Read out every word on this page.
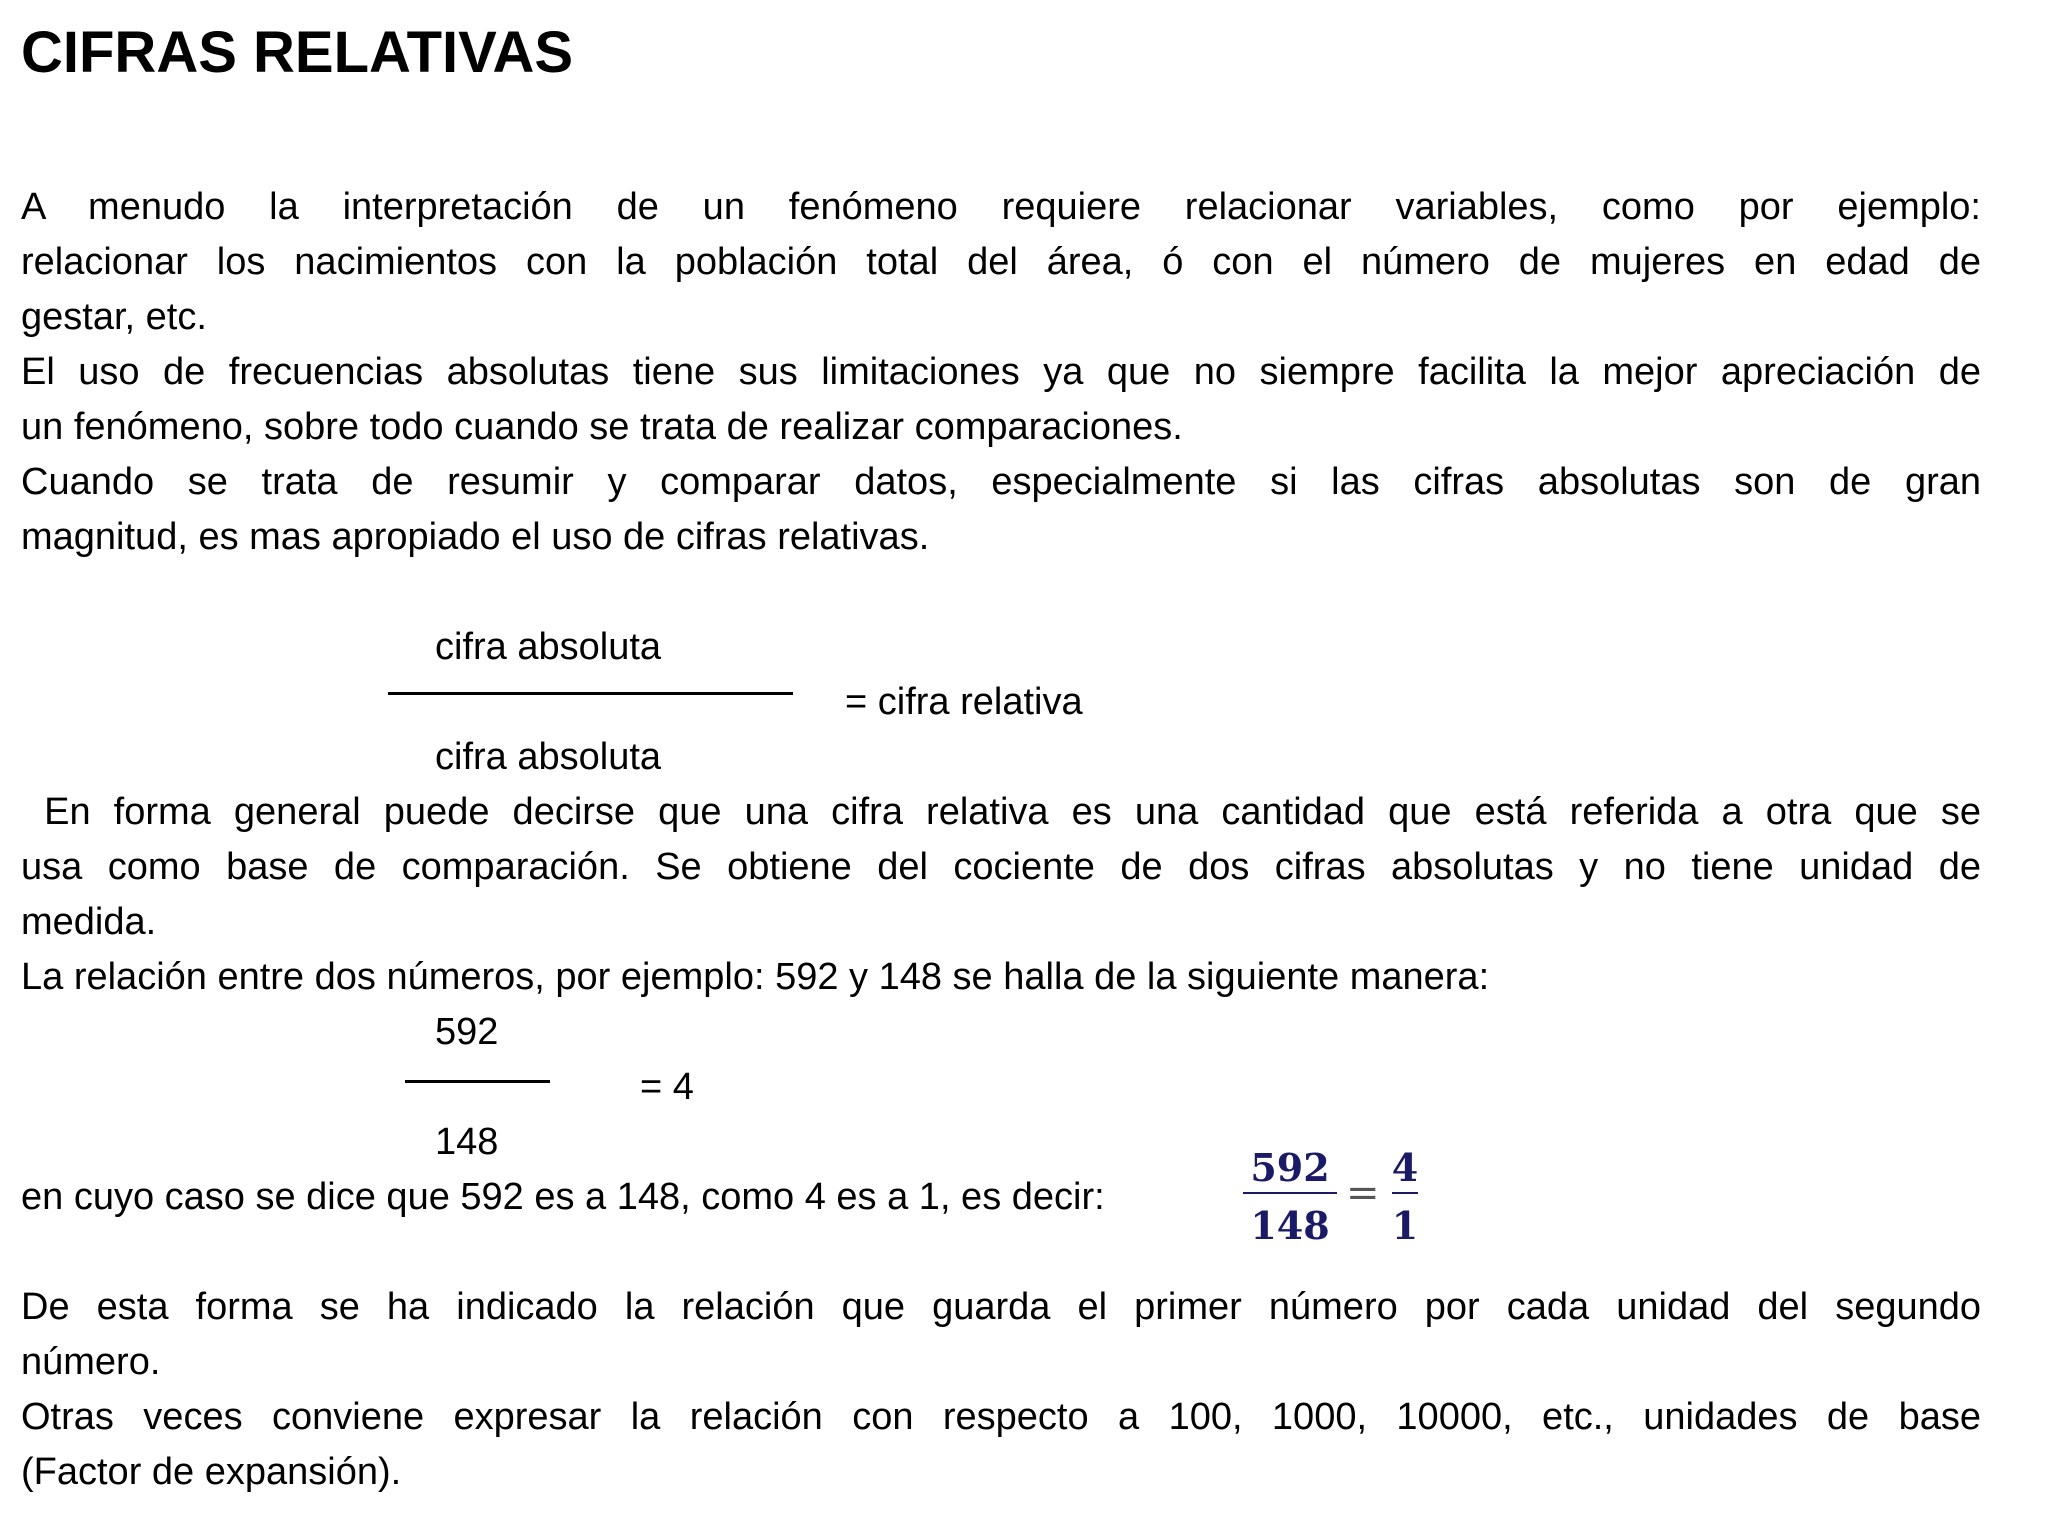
CIFRAS RELATIVAS
A menudo la interpretación de un fenómeno requiere relacionar variables, como por ejemplo:
relacionar los nacimientos con la población total del área, ó con el número de mujeres en edad de
gestar, etc.
El uso de frecuencias absolutas tiene sus limitaciones ya que no siempre facilita la mejor apreciación de
un fenómeno, sobre todo cuando se trata de realizar comparaciones.
Cuando se trata de resumir y comparar datos, especialmente si las cifras absolutas son de gran
magnitud, es mas apropiado el uso de cifras relativas.
cifra absoluta
= cifra relativa
cifra absoluta
En forma general puede decirse que una cifra relativa es una cantidad que está referida a otra que se
usa como base de comparación. Se obtiene del cociente de dos cifras absolutas y no tiene unidad de
medida.
La relación entre dos números, por ejemplo: 592 y 148 se halla de la siguiente manera:
592
= 4
148
en cuyo caso se dice que 592 es a 148, como 4 es a 1, es decir:
592
148
=
4
1
De esta forma se ha indicado la relación que guarda el primer número por cada unidad del segundo
número.
Otras veces conviene expresar la relación con respecto a 100, 1000, 10000, etc., unidades de base
(Factor de expansión).
